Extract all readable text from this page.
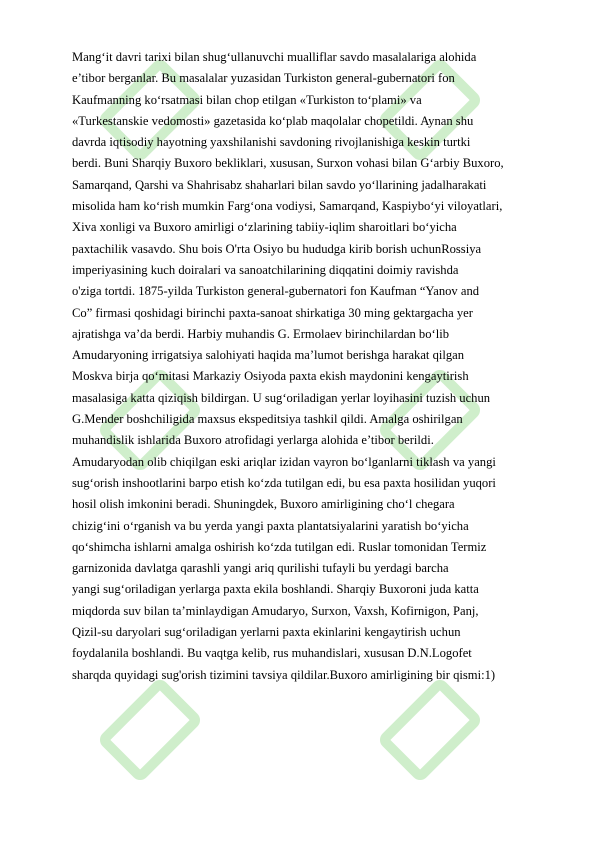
Mang‘it davri tarixi bilan shug‘ullanuvchi mualliflar savdo masalalariga alohida
e’tibor berganlar. Bu masalalar yuzasidan Turkiston general-gubernatori fon
Kaufmanning ko‘rsatmasi bilan chop etilgan «Turkiston to‘plami» va
«Turkestanskie vedomosti» gazetasida ko‘plab maqolalar chopetildi. Aynan shu
davrda iqtisodiy hayotning yaxshilanishi savdoning rivojlanishiga keskin turtki
berdi. Buni Sharqiy Buxoro bekliklari, xususan, Surxon vohasi bilan G‘arbiy Buxoro,
Samarqand, Qarshi va Shahrisabz shaharlari bilan savdo yo‘llarining jadalharakati
misolida ham ko‘rish mumkin Farg‘ona vodiysi, Samarqand, Kaspiybo‘yi viloyatlari,
Xiva xonligi va Buxoro amirligi o‘zlarining tabiiy-iqlim sharoitlari bo‘yicha
paxtachilik vasavdo. Shu bois O'rta Osiyo bu hududga kirib borish uchunRossiya
imperiyasining kuch doiralari va sanoatchilarining diqqatini doimiy ravishda
o'ziga tortdi. 1875-yilda Turkiston general-gubernatori fon Kaufman “Yanov and
Co” firmasi qoshidagi birinchi paxta-sanoat shirkatiga 30 ming gektargacha yer
ajratishga va’da berdi. Harbiy muhandis G. Ermolaev birinchilardan bo‘lib
Amudaryoning irrigatsiya salohiyati haqida ma’lumot berishga harakat qilgan
Moskva birja qo‘mitasi Markaziy Osiyoda paxta ekish maydonini kengaytirish
masalasiga katta qiziqish bildirgan. U sug‘oriladigan yerlar loyihasini tuzish uchun
G.Mender boshchiligida maxsus ekspeditsiya tashkil qildi. Amalga oshirilgan
muhandislik ishlarida Buxoro atrofidagi yerlarga alohida e’tibor berildi.
Amudaryodan olib chiqilgan eski ariqlar izidan vayron bo‘lganlarni tiklash va yangi
sug‘orish inshootlarini barpo etish ko‘zda tutilgan edi, bu esa paxta hosilidan yuqori
hosil olish imkonini beradi. Shuningdek, Buxoro amirligining cho‘l chegara
chizig‘ini o‘rganish va bu yerda yangi paxta plantatsiyalarini yaratish bo‘yicha
qo‘shimcha ishlarni amalga oshirish ko‘zda tutilgan edi. Ruslar tomonidan Termiz
garnizonida davlatga qarashli yangi ariq qurilishi tufayli bu yerdagi barcha
yangi sug‘oriladigan yerlarga paxta ekila boshlandi. Sharqiy Buxoroni juda katta
miqdorda suv bilan ta’minlaydigan Amudaryo, Surxon, Vaxsh, Kofirnigon, Panj,
Qizil-su daryolari sug‘oriladigan yerlarni paxta ekinlarini kengaytirish uchun
foydalanila boshlandi. Bu vaqtga kelib, rus muhandislari, xususan D.N.Logofet
sharqda quyidagi sug'orish tizimini tavsiya qildilar.Buxoro amirligining bir qismi:1)
